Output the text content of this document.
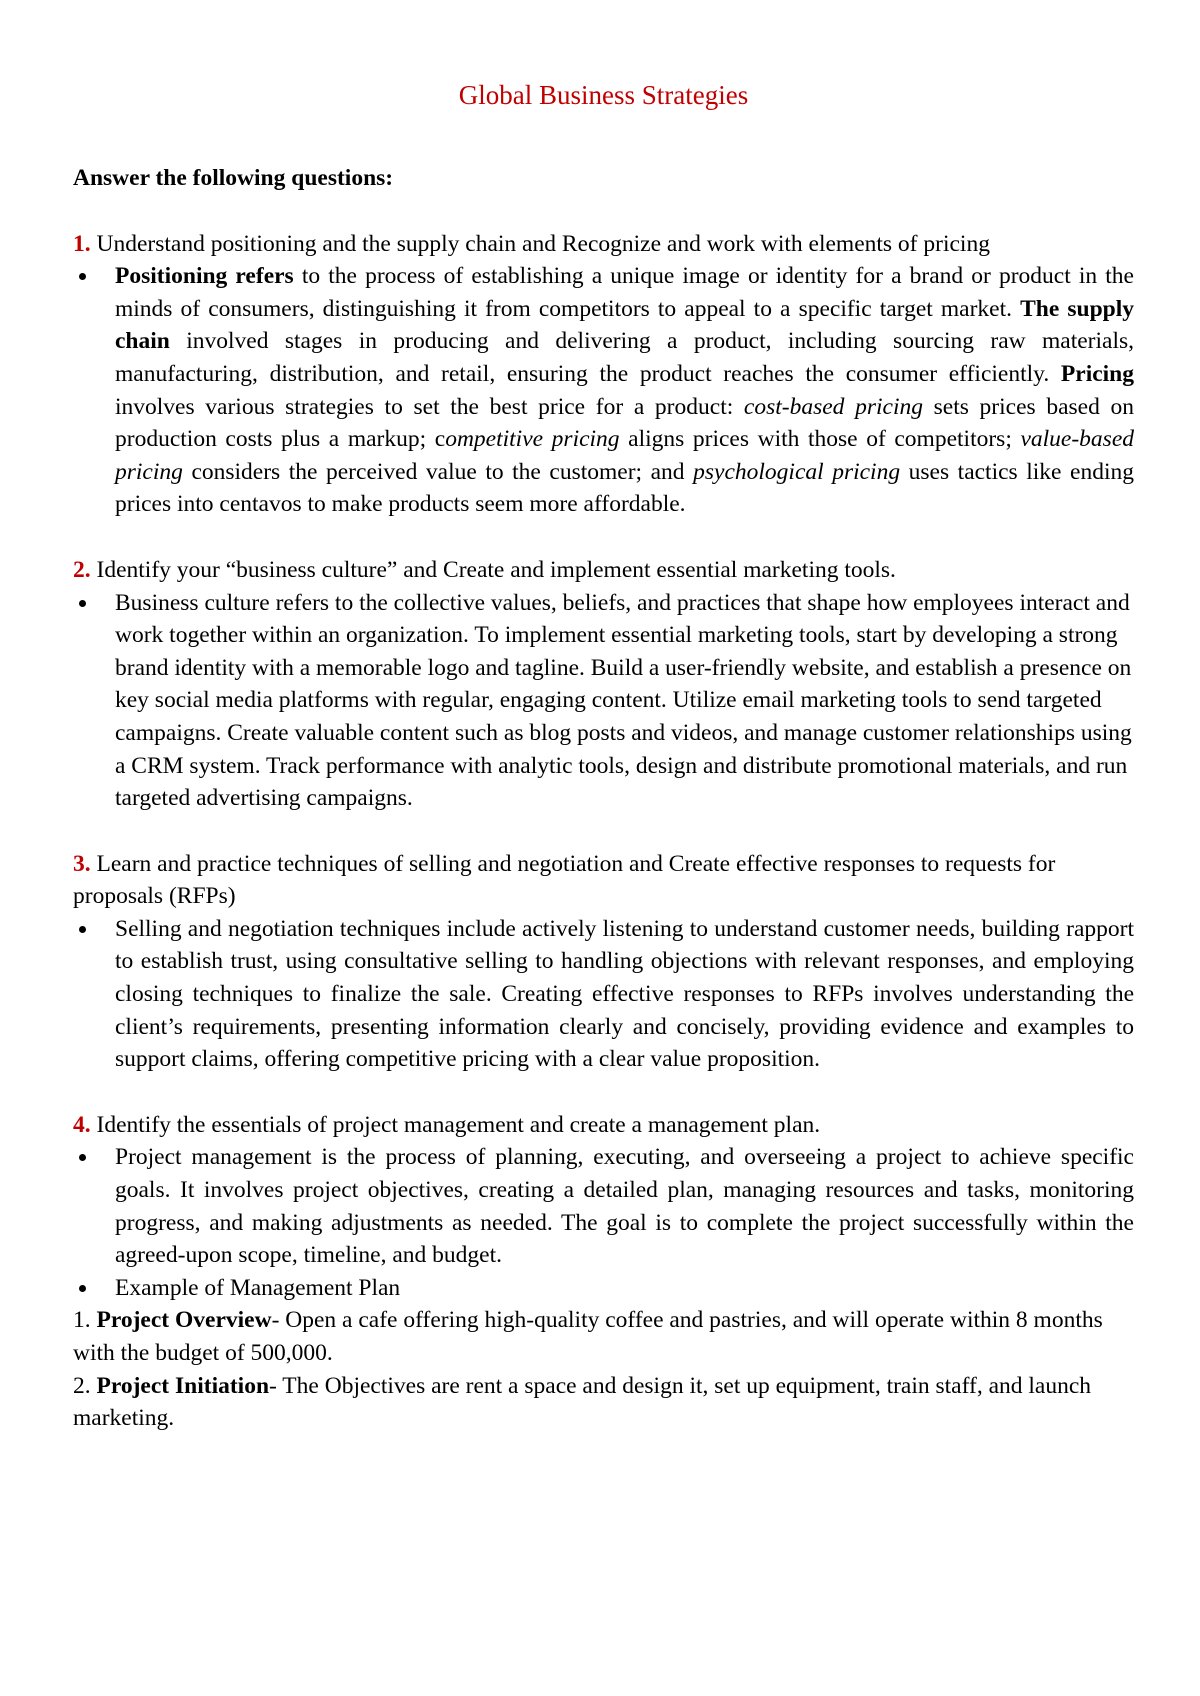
Global Business Strategies

Answer the following questions:

1. Understand positioning and the supply chain and Recognize and work with elements of pricing

Positioning refers to the process of establishing a unique image or identity for a brand or product in the minds of consumers, distinguishing it from competitors to appeal to a specific target market. The supply chain involved stages in producing and delivering a product, including sourcing raw materials, manufacturing, distribution, and retail, ensuring the product reaches the consumer efficiently. Pricing involves various strategies to set the best price for a product: cost-based pricing sets prices based on production costs plus a markup; competitive pricing aligns prices with those of competitors; value-based pricing considers the perceived value to the customer; and psychological pricing uses tactics like ending prices into centavos to make products seem more affordable.

2. Identify your “business culture” and Create and implement essential marketing tools.

Business culture refers to the collective values, beliefs, and practices that shape how employees interact and work together within an organization. To implement essential marketing tools, start by developing a strong brand identity with a memorable logo and tagline. Build a user-friendly website, and establish a presence on key social media platforms with regular, engaging content. Utilize email marketing tools to send targeted campaigns. Create valuable content such as blog posts and videos, and manage customer relationships using a CRM system. Track performance with analytic tools, design and distribute promotional materials, and run targeted advertising campaigns.

3. Learn and practice techniques of selling and negotiation and Create effective responses to requests for proposals (RFPs)

Selling and negotiation techniques include actively listening to understand customer needs, building rapport to establish trust, using consultative selling to handling objections with relevant responses, and employing closing techniques to finalize the sale. Creating effective responses to RFPs involves understanding the client’s requirements, presenting information clearly and concisely, providing evidence and examples to support claims, offering competitive pricing with a clear value proposition.

4. Identify the essentials of project management and create a management plan.

Project management is the process of planning, executing, and overseeing a project to achieve specific goals. It involves project objectives, creating a detailed plan, managing resources and tasks, monitoring progress, and making adjustments as needed. The goal is to complete the project successfully within the agreed-upon scope, timeline, and budget.
Example of Management Plan

1. Project Overview- Open a cafe offering high-quality coffee and pastries, and will operate within 8 months with the budget of 500,000.

2. Project Initiation- The Objectives are rent a space and design it, set up equipment, train staff, and launch marketing.
